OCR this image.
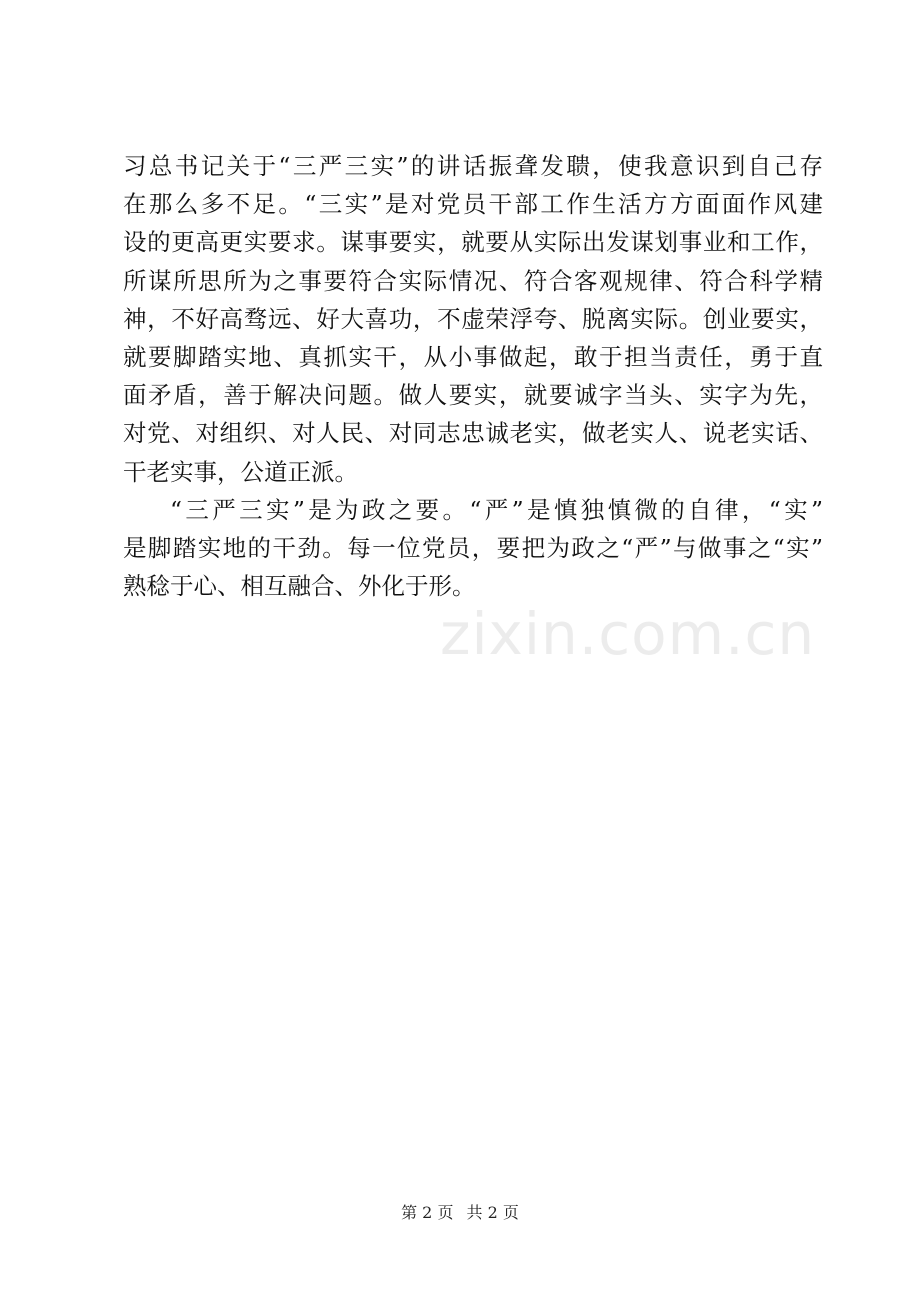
习总书记关于“三严三实”的讲话振聋发聩，使我意识到自己存
在那么多不足。“三实”是对党员干部工作生活方方面面作风建
设的更高更实要求。谋事要实，就要从实际出发谋划事业和工作，
所谋所思所为之事要符合实际情况、符合客观规律、符合科学精
神，不好高骛远、好大喜功，不虚荣浮夸、脱离实际。创业要实，
就要脚踏实地、真抓实干，从小事做起，敢于担当责任，勇于直
面矛盾，善于解决问题。做人要实，就要诚字当头、实字为先，
对党、对组织、对人民、对同志忠诚老实，做老实人、说老实话、
干老实事，公道正派。
“三严三实”是为政之要。“严”是慎独慎微的自律，“实”
是脚踏实地的干劲。每一位党员，要把为政之“严”与做事之“实”
熟稔于心、相互融合、外化于形。
zixin.com.cn
第 2 页 共 2 页
